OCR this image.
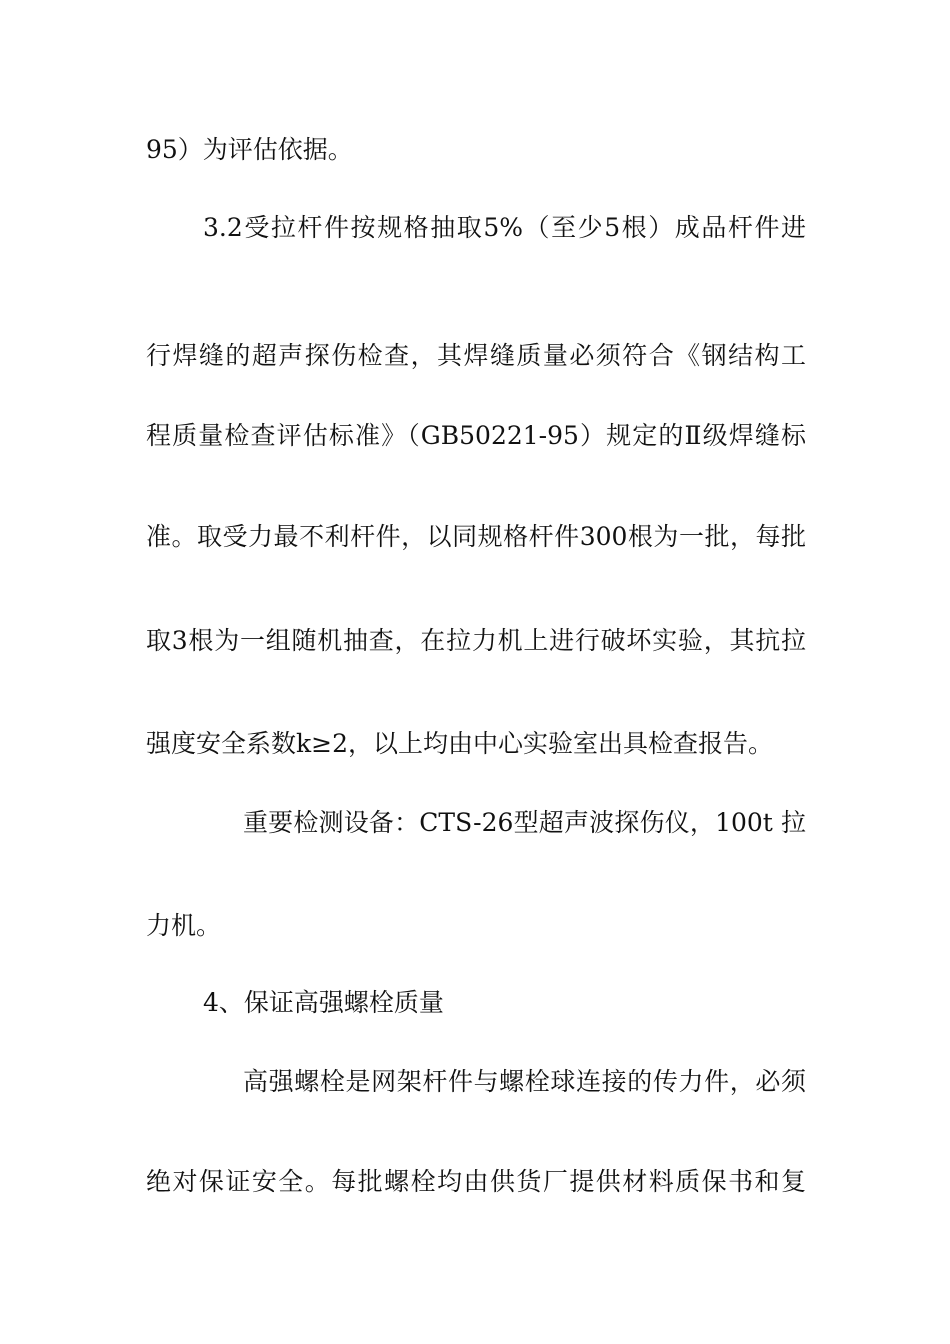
95）为评估依据。

3.2受拉杆件按规格抽取5%（至少5根）成品杆件进

行焊缝的超声探伤检查，其焊缝质量必须符合《钢结构工

程质量检查评估标准》（GB50221-95）规定的Ⅱ级焊缝标

准。取受力最不利杆件，以同规格杆件300根为一批，每批

取3根为一组随机抽查，在拉力机上进行破坏实验，其抗拉

强度安全系数k≥2，以上均由中心实验室出具检查报告。

重要检测设备：CTS-26型超声波探伤仪，100t 拉

力机。

4、保证高强螺栓质量

高强螺栓是网架杆件与螺栓球连接的传力件，必须

绝对保证安全。每批螺栓均由供货厂提供材料质保书和复
